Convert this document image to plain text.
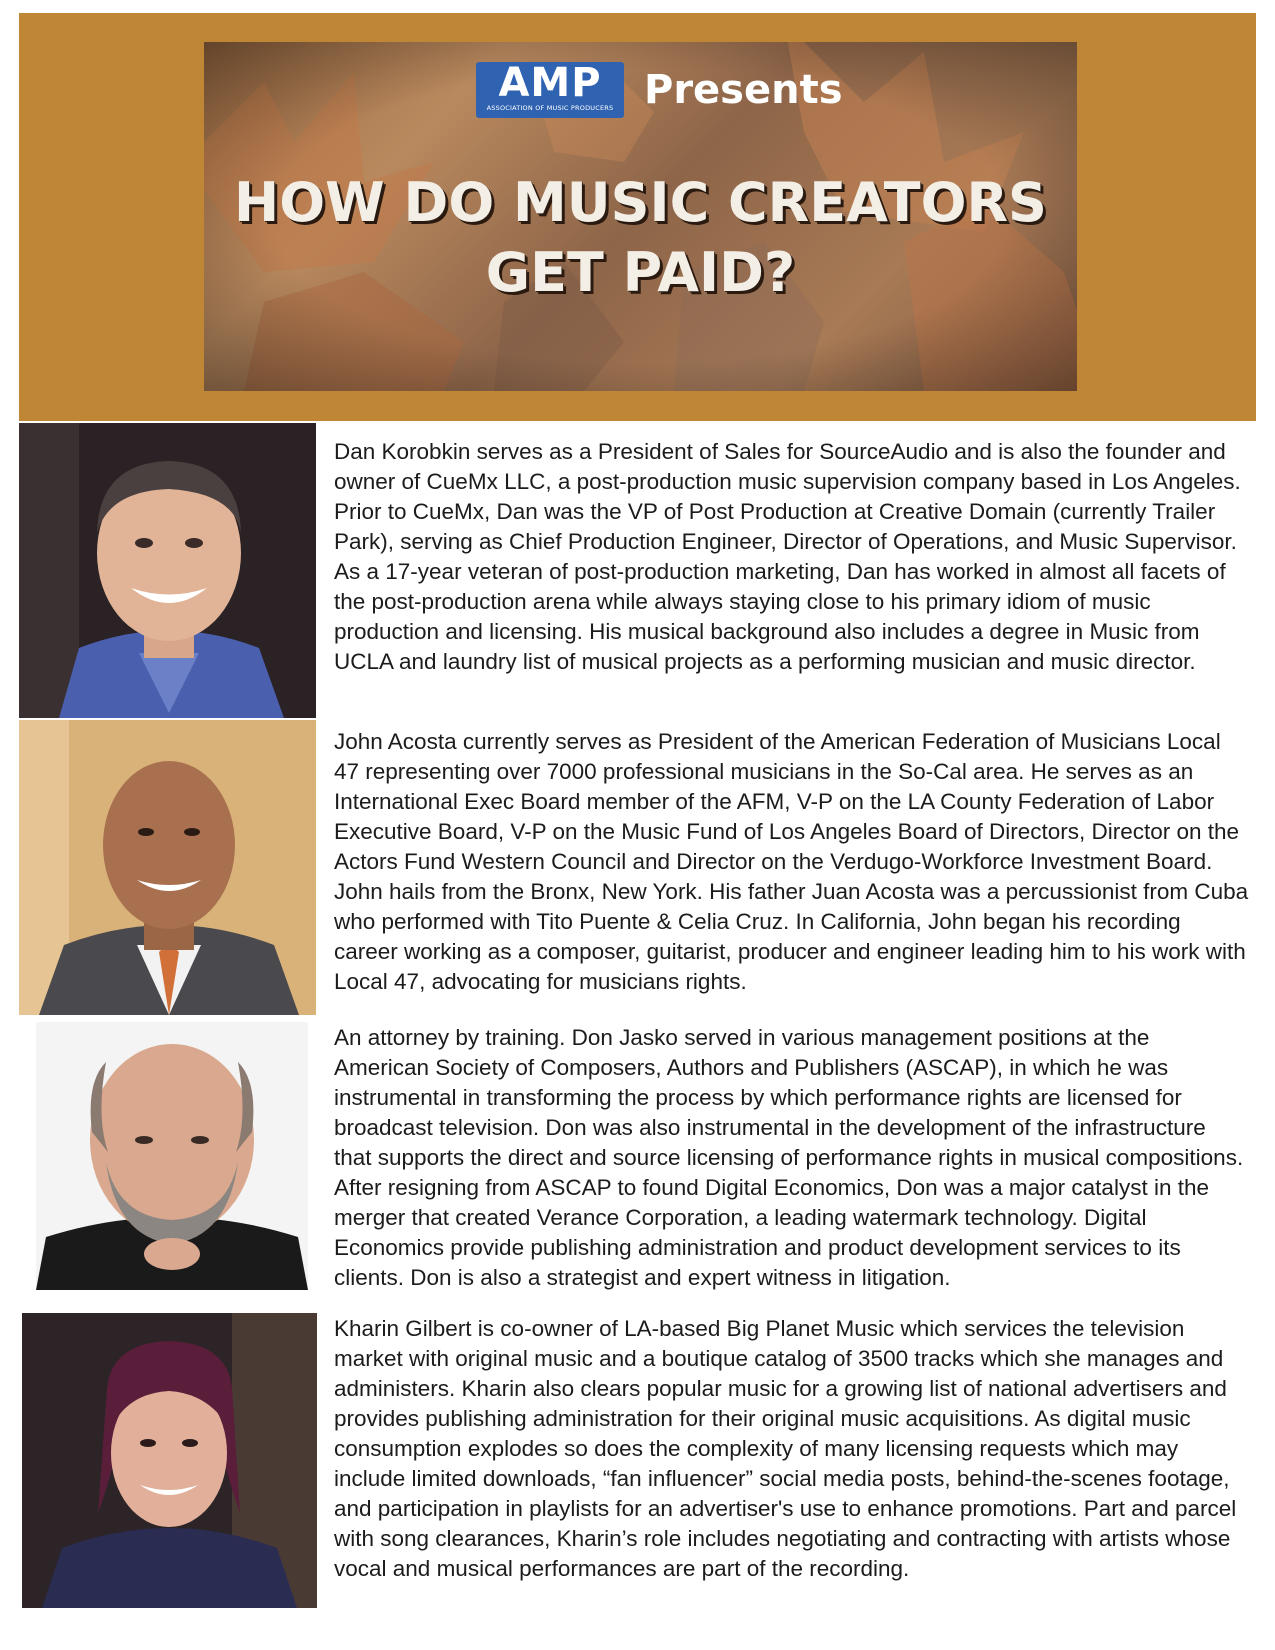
AMP
ASSOCIATION OF MUSIC PRODUCERS Presents
HOW DO MUSIC CREATORS
GET PAID?

Dan Korobkin serves as a President of Sales for SourceAudio and is also the founder and owner of CueMx LLC, a post-production music supervision company based in Los Angeles. Prior to CueMx, Dan was the VP of Post Production at Creative Domain (currently Trailer Park), serving as Chief Production Engineer, Director of Operations, and Music Supervisor. As a 17-year veteran of post-production marketing, Dan has worked in almost all facets of the post-production arena while always staying close to his primary idiom of music production and licensing. His musical background also includes a degree in Music from UCLA and laundry list of musical projects as a performing musician and music director.

John Acosta currently serves as President of the American Federation of Musicians Local 47 representing over 7000 professional musicians in the So-Cal area. He serves as an International Exec Board member of the AFM, V-P on the LA County Federation of Labor Executive Board, V-P on the Music Fund of Los Angeles Board of Directors, Director on the Actors Fund Western Council and Director on the Verdugo-Workforce Investment Board. John hails from the Bronx, New York. His father Juan Acosta was a percussionist from Cuba who performed with Tito Puente & Celia Cruz. In California, John began his recording career working as a composer, guitarist, producer and engineer leading him to his work with Local 47, advocating for musicians rights.

An attorney by training. Don Jasko served in various management positions at the American Society of Composers, Authors and Publishers (ASCAP), in which he was instrumental in transforming the process by which performance rights are licensed for broadcast television. Don was also instrumental in the development of the infrastructure that supports the direct and source licensing of performance rights in musical compositions. After resigning from ASCAP to found Digital Economics, Don was a major catalyst in the merger that created Verance Corporation, a leading watermark technology. Digital Economics provide publishing administration and product development services to its clients. Don is also a strategist and expert witness in litigation.

Kharin Gilbert is co-owner of LA-based Big Planet Music which services the television market with original music and a boutique catalog of 3500 tracks which she manages and administers. Kharin also clears popular music for a growing list of national advertisers and provides publishing administration for their original music acquisitions. As digital music consumption explodes so does the complexity of many licensing requests which may include limited downloads, “fan influencer” social media posts, behind-the-scenes footage, and participation in playlists for an advertiser's use to enhance promotions. Part and parcel with song clearances, Kharin’s role includes negotiating and contracting with artists whose vocal and musical performances are part of the recording.
